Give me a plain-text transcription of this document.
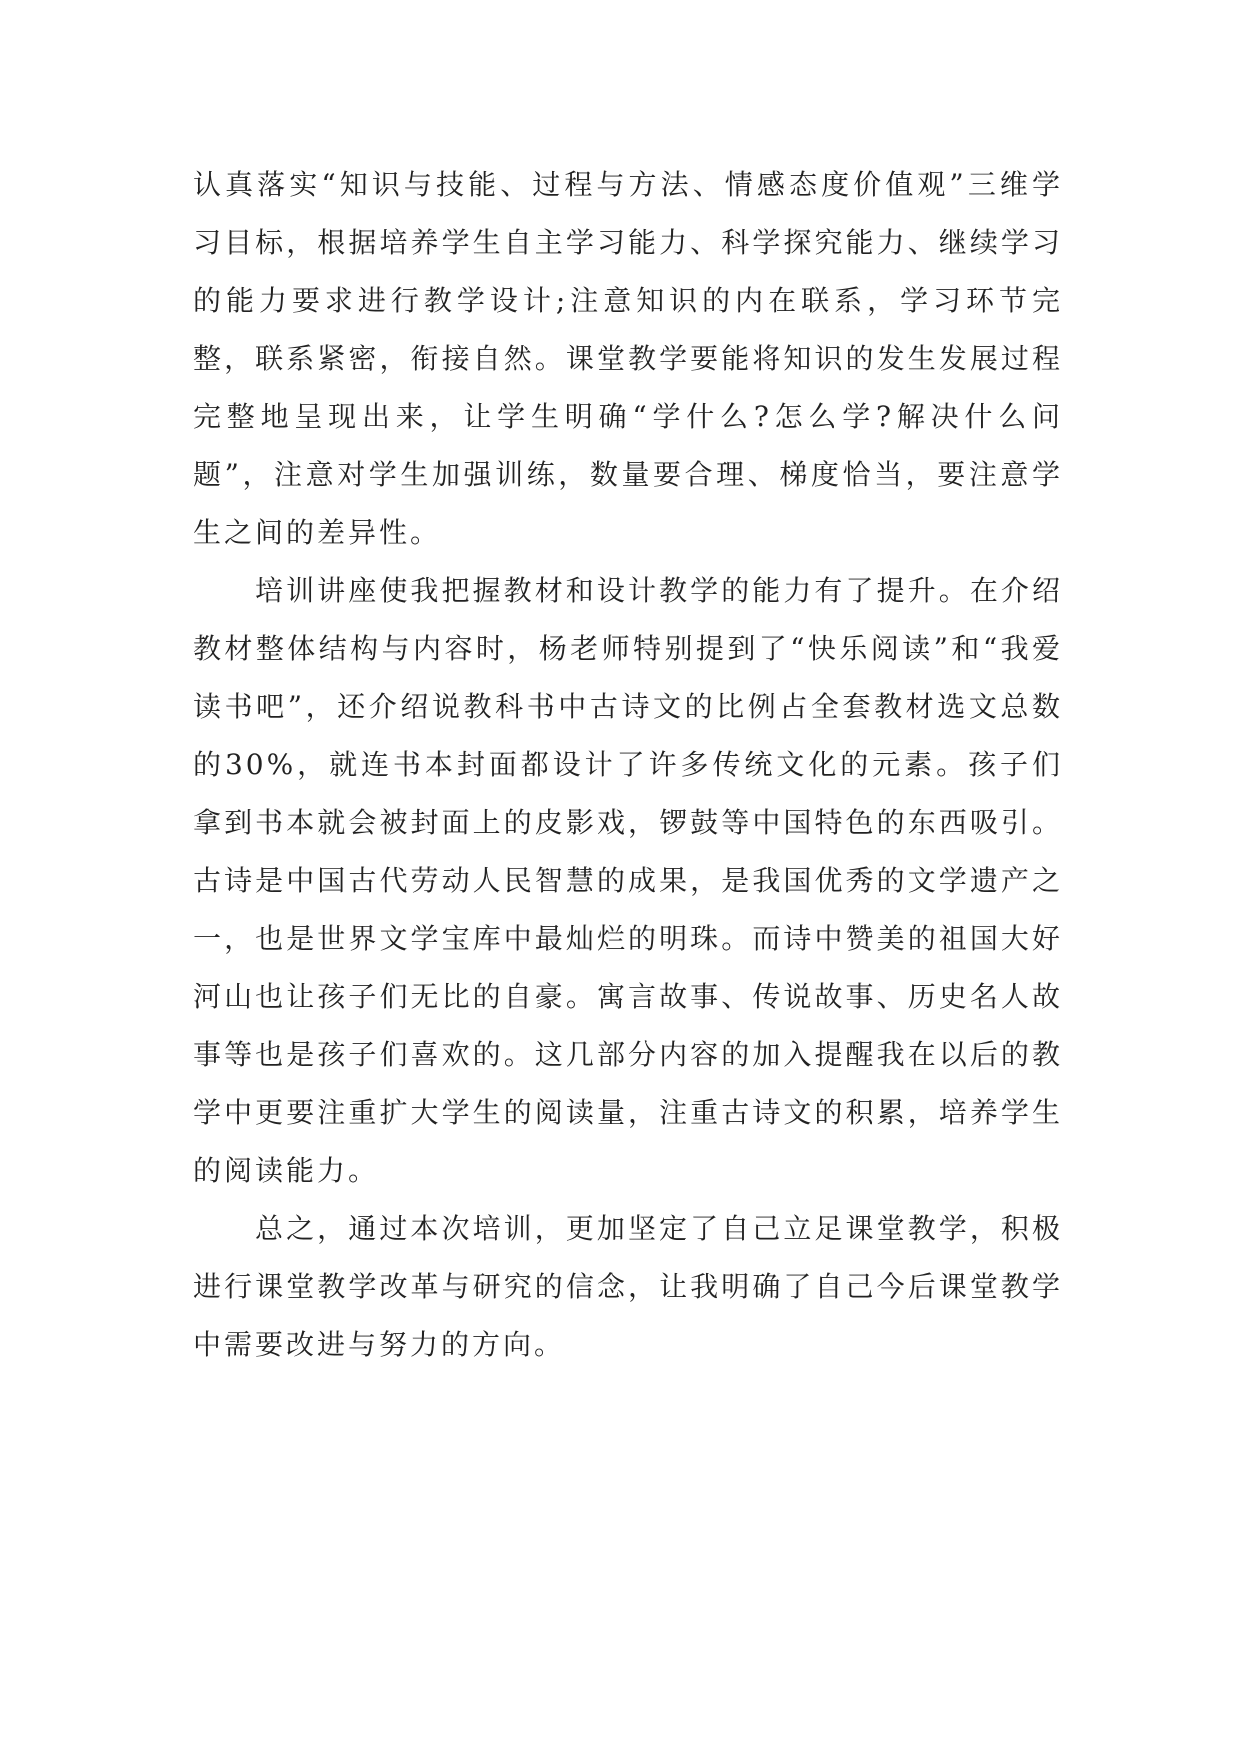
认真落实“知识与技能、过程与方法、情感态度价值观”三维学习目标，根据培养学生自主学习能力、科学探究能力、继续学习的能力要求进行教学设计;注意知识的内在联系，学习环节完整，联系紧密，衔接自然。课堂教学要能将知识的发生发展过程完整地呈现出来，让学生明确“学什么?怎么学?解决什么问题”，注意对学生加强训练，数量要合理、梯度恰当，要注意学生之间的差异性。

培训讲座使我把握教材和设计教学的能力有了提升。在介绍教材整体结构与内容时，杨老师特别提到了“快乐阅读”和“我爱读书吧”，还介绍说教科书中古诗文的比例占全套教材选文总数的30%，就连书本封面都设计了许多传统文化的元素。孩子们拿到书本就会被封面上的皮影戏，锣鼓等中国特色的东西吸引。古诗是中国古代劳动人民智慧的成果，是我国优秀的文学遗产之一，也是世界文学宝库中最灿烂的明珠。而诗中赞美的祖国大好河山也让孩子们无比的自豪。寓言故事、传说故事、历史名人故事等也是孩子们喜欢的。这几部分内容的加入提醒我在以后的教学中更要注重扩大学生的阅读量，注重古诗文的积累，培养学生的阅读能力。

总之，通过本次培训，更加坚定了自己立足课堂教学，积极进行课堂教学改革与研究的信念，让我明确了自己今后课堂教学中需要改进与努力的方向。
